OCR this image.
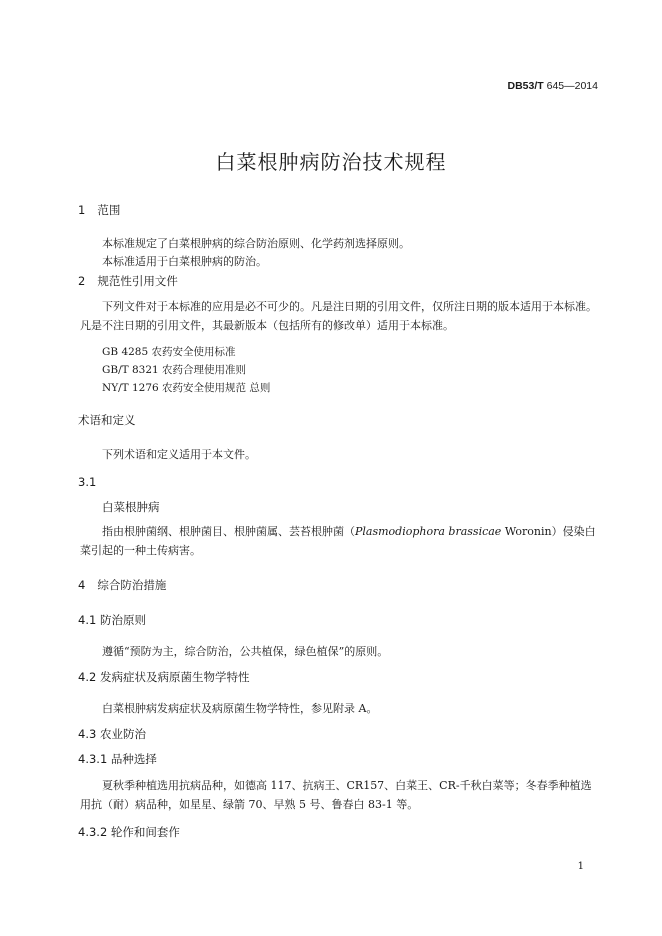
DB53/T 645—2014
白菜根肿病防治技术规程
1 范围
本标准规定了白菜根肿病的综合防治原则、化学药剂选择原则。
本标准适用于白菜根肿病的防治。
2 规范性引用文件
下列文件对于本标准的应用是必不可少的。凡是注日期的引用文件，仅所注日期的版本适用于本标准。凡是不注日期的引用文件，其最新版本（包括所有的修改单）适用于本标准。
GB 4285 农药安全使用标准
GB/T 8321 农药合理使用准则
NY/T 1276 农药安全使用规范 总则
术语和定义
下列术语和定义适用于本文件。
3.1
白菜根肿病
指由根肿菌纲、根肿菌目、根肿菌属、芸苔根肿菌（Plasmodiophora brassicae Woronin）侵染白菜引起的一种土传病害。
4 综合防治措施
4.1 防治原则
遵循“预防为主，综合防治，公共植保，绿色植保”的原则。
4.2 发病症状及病原菌生物学特性
白菜根肿病发病症状及病原菌生物学特性，参见附录 A。
4.3 农业防治
4.3.1 品种选择
夏秋季种植选用抗病品种，如德高 117、抗病王、CR157、白菜王、CR-千秋白菜等；冬春季种植选用抗（耐）病品种，如星星、绿箭 70、早熟 5 号、鲁春白 83-1 等。
4.3.2 轮作和间套作
1
